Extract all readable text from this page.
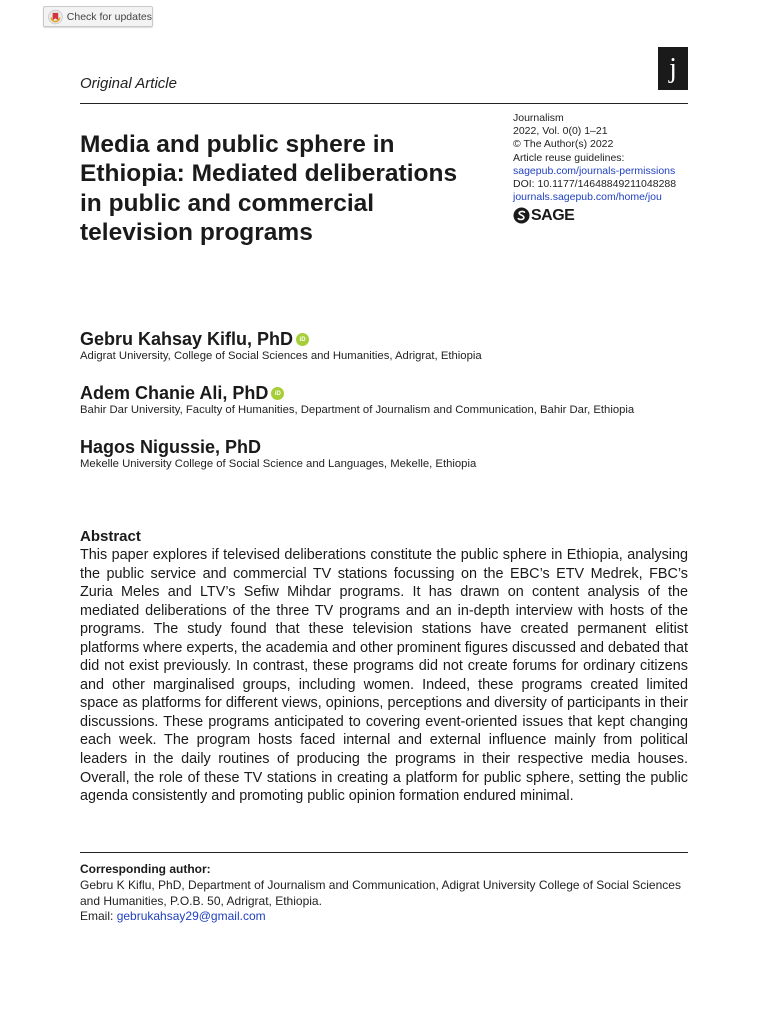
Check for updates
j
Original Article
Media and public sphere in Ethiopia: Mediated deliberations in public and commercial television programs
Journalism
2022, Vol. 0(0) 1–21
© The Author(s) 2022
Article reuse guidelines:
sagepub.com/journals-permissions
DOI: 10.1177/14648849211048288
journals.sagepub.com/home/jou
SAGE
Gebru Kahsay Kiflu, PhD iD
Adigrat University, College of Social Sciences and Humanities, Adrigrat, Ethiopia
Adem Chanie Ali, PhD iD
Bahir Dar University, Faculty of Humanities, Department of Journalism and Communication, Bahir Dar, Ethiopia
Hagos Nigussie, PhD
Mekelle University College of Social Science and Languages, Mekelle, Ethiopia
Abstract

This paper explores if televised deliberations constitute the public sphere in Ethiopia, analysing the public service and commercial TV stations focussing on the EBC’s ETV Medrek, FBC’s Zuria Meles and LTV’s Sefiw Mihdar programs. It has drawn on content analysis of the mediated deliberations of the three TV programs and an in-depth interview with hosts of the programs. The study found that these television stations have created permanent elitist platforms where experts, the academia and other prominent figures discussed and debated that did not exist previously. In contrast, these programs did not create forums for ordinary citizens and other marginalised groups, including women. Indeed, these programs created limited space as platforms for different views, opinions, perceptions and diversity of participants in their discussions. These programs anticipated to covering event-oriented issues that kept changing each week. The program hosts faced internal and external influence mainly from political leaders in the daily routines of producing the programs in their respective media houses. Overall, the role of these TV stations in creating a platform for public sphere, setting the public agenda consistently and promoting public opinion formation endured minimal.

Corresponding author:

Gebru K Kiflu, PhD, Department of Journalism and Communication, Adigrat University College of Social Sciences and Humanities, P.O.B. 50, Adrigrat, Ethiopia.

Email: gebrukahsay29@gmail.com
